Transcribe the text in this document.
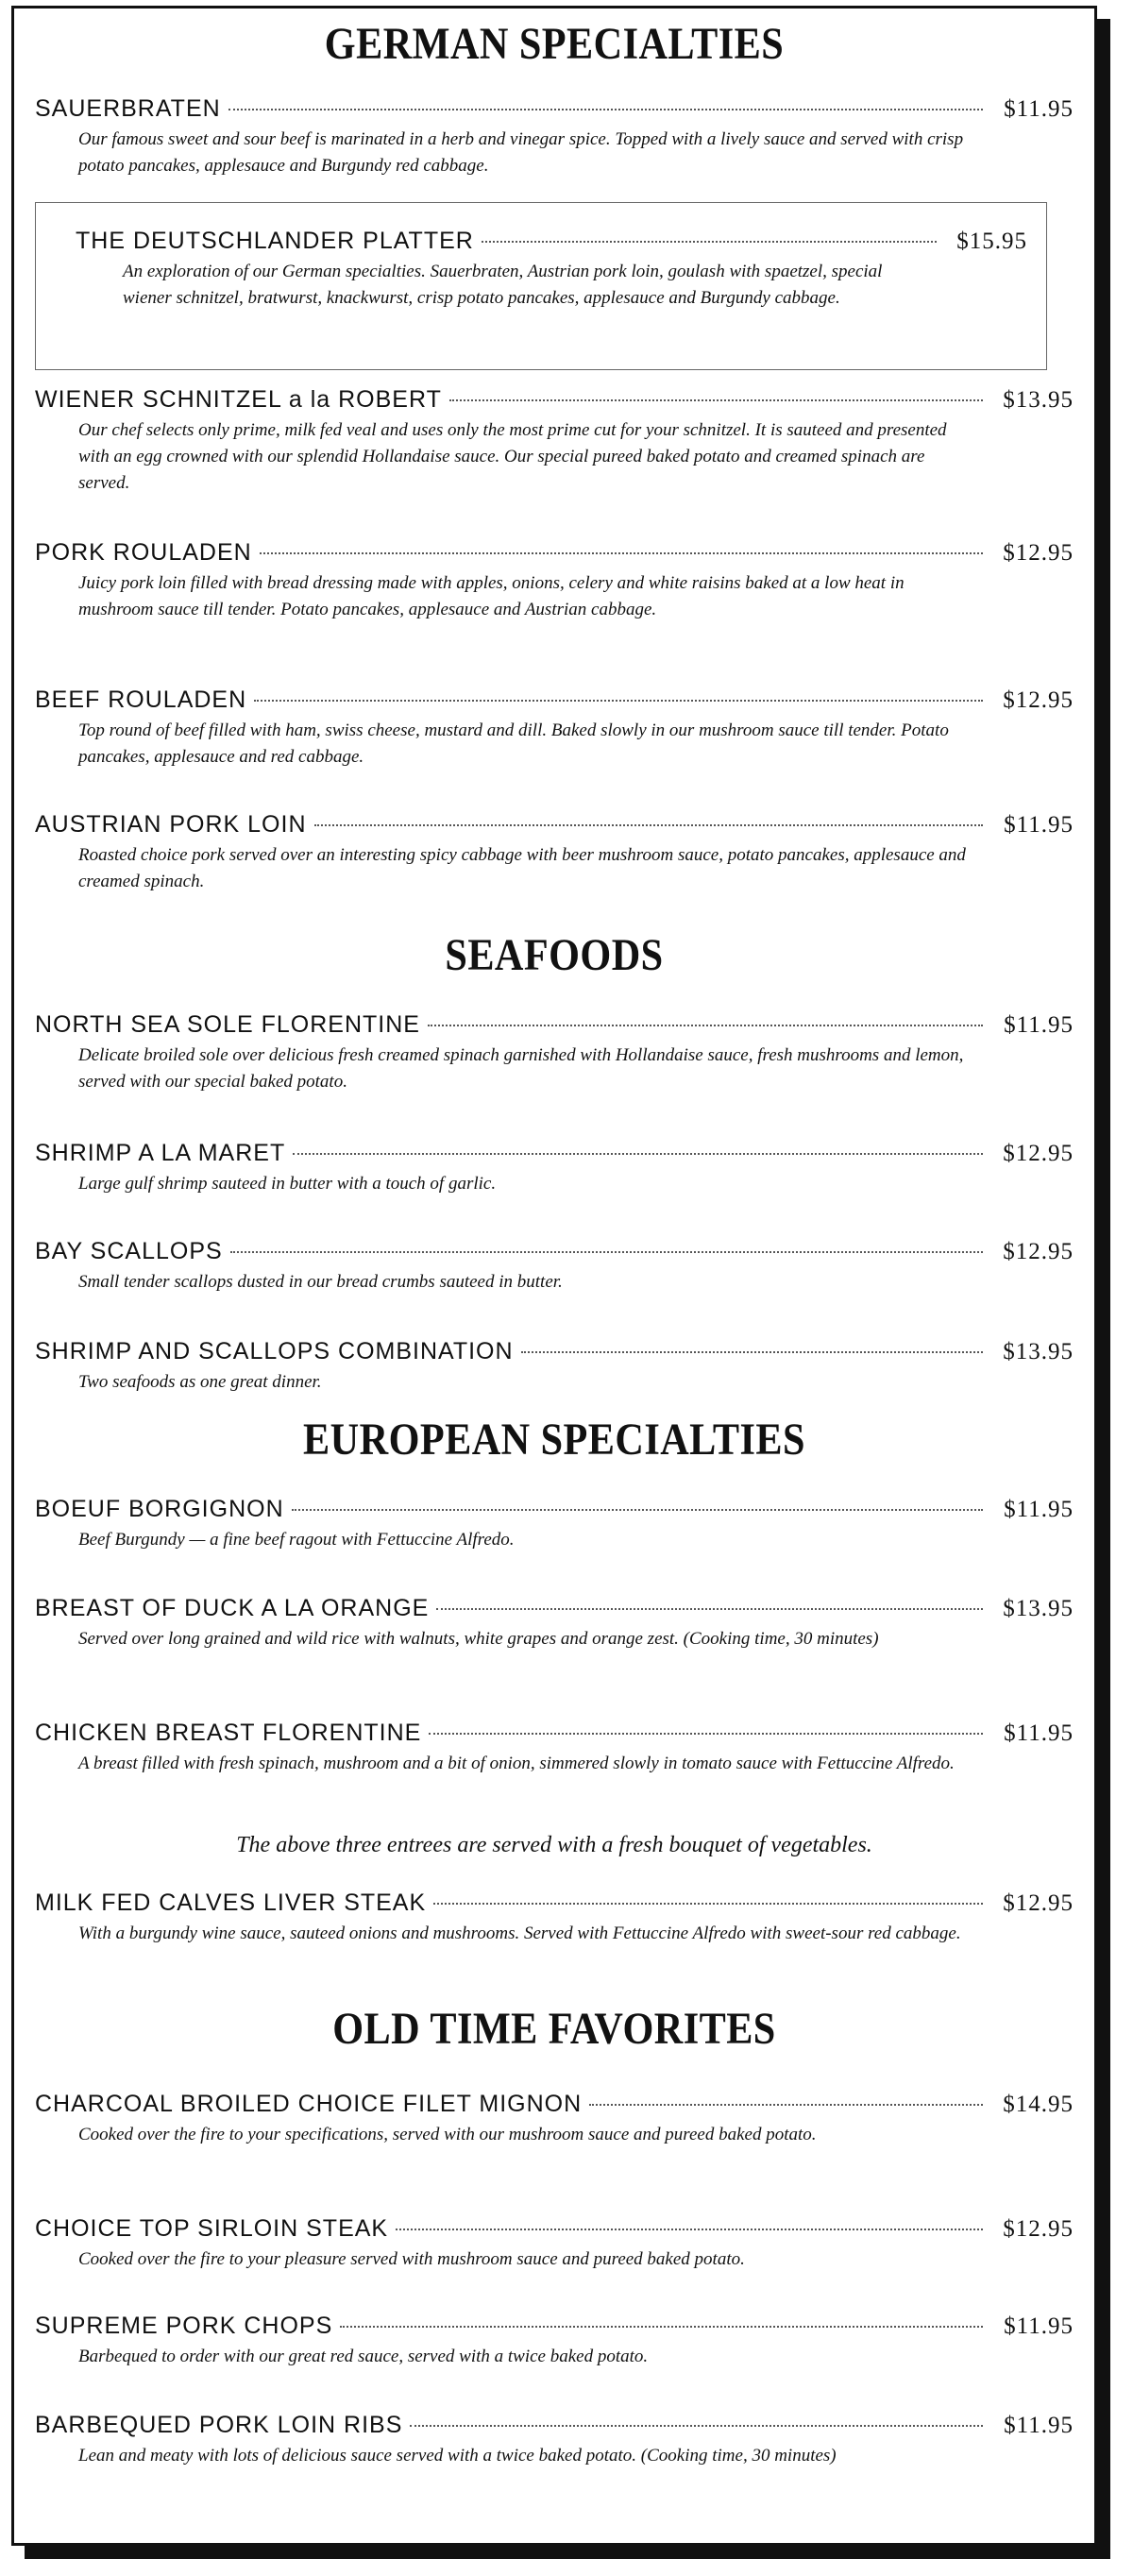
GERMAN SPECIALTIES
SAUERBRATEN	$11.95
Our famous sweet and sour beef is marinated in a herb and vinegar spice. Topped with a lively sauce and served with crisp potato pancakes, applesauce and Burgundy red cabbage.
THE DEUTSCHLANDER PLATTER	$15.95
An exploration of our German specialties. Sauerbraten, Austrian pork loin, goulash with spaetzel, special wiener schnitzel, bratwurst, knackwurst, crisp potato pancakes, applesauce and Burgundy cabbage.
WIENER SCHNITZEL a la ROBERT	$13.95
Our chef selects only prime, milk fed veal and uses only the most prime cut for your schnitzel. It is sauteed and presented with an egg crowned with our splendid Hollandaise sauce. Our special pureed baked potato and creamed spinach are served.
PORK ROULADEN	$12.95
Juicy pork loin filled with bread dressing made with apples, onions, celery and white raisins baked at a low heat in mushroom sauce till tender. Potato pancakes, applesauce and Austrian cabbage.
BEEF ROULADEN	$12.95
Top round of beef filled with ham, swiss cheese, mustard and dill. Baked slowly in our mushroom sauce till tender. Potato pancakes, applesauce and red cabbage.
AUSTRIAN PORK LOIN	$11.95
Roasted choice pork served over an interesting spicy cabbage with beer mushroom sauce, potato pancakes, applesauce and creamed spinach.
SEAFOODS
NORTH SEA SOLE FLORENTINE	$11.95
Delicate broiled sole over delicious fresh creamed spinach garnished with Hollandaise sauce, fresh mushrooms and lemon, served with our special baked potato.
SHRIMP A LA MARET	$12.95
Large gulf shrimp sauteed in butter with a touch of garlic.
BAY SCALLOPS	$12.95
Small tender scallops dusted in our bread crumbs sauteed in butter.
SHRIMP AND SCALLOPS COMBINATION	$13.95
Two seafoods as one great dinner.
EUROPEAN SPECIALTIES
BOEUF BORGIGNON	$11.95
Beef Burgundy — a fine beef ragout with Fettuccine Alfredo.
BREAST OF DUCK A LA ORANGE	$13.95
Served over long grained and wild rice with walnuts, white grapes and orange zest. (Cooking time, 30 minutes)
CHICKEN BREAST FLORENTINE	$11.95
A breast filled with fresh spinach, mushroom and a bit of onion, simmered slowly in tomato sauce with Fettuccine Alfredo.
The above three entrees are served with a fresh bouquet of vegetables.
MILK FED CALVES LIVER STEAK	$12.95
With a burgundy wine sauce, sauteed onions and mushrooms. Served with Fettuccine Alfredo with sweet-sour red cabbage.
OLD TIME FAVORITES
CHARCOAL BROILED CHOICE FILET MIGNON	$14.95
Cooked over the fire to your specifications, served with our mushroom sauce and pureed baked potato.
CHOICE TOP SIRLOIN STEAK	$12.95
Cooked over the fire to your pleasure served with mushroom sauce and pureed baked potato.
SUPREME PORK CHOPS	$11.95
Barbequed to order with our great red sauce, served with a twice baked potato.
BARBEQUED PORK LOIN RIBS	$11.95
Lean and meaty with lots of delicious sauce served with a twice baked potato. (Cooking time, 30 minutes)
